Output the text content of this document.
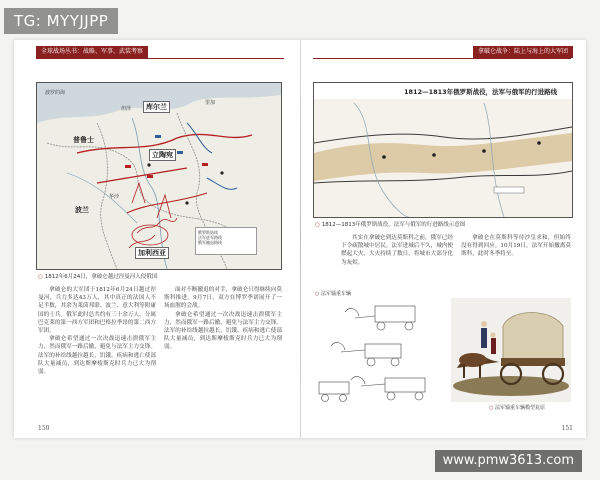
全球战场丛书：战略、军事、武装考察
波罗的海
但泽	库尔兰
普鲁士
立陶宛
波兰
加利西亚
华沙
里加
俄罗斯防线
法军进军路线
俄军撤退路线
○ 1812年6月24日，拿破仑越过涅曼河入侵俄国

拿破仑的大军团于1812年6月24日越过涅曼河，兵力多达43万人，其中真正的法国人不足半数，其余为莱茵邦联、波兰、意大利等附庸国的士兵。俄军此时总共约有三十余万人，分属巴克莱的第一西方军团和巴格拉季昂的第二西方军团。

拿破仑希望通过一次决战迅速击溃俄军主力，然而俄军一路后撤，避免与法军主力交锋。法军的补给线越拉越长，饥饿、疾病和逃亡使部队大量减员，到达斯摩棱斯克时兵力已大为削弱。

面对不断撤退的对手，拿破仑只得继续向莫斯科推进。9月7日，双方在博罗季诺展开了一场血腥的会战。

拿破仑希望通过一次决战迅速击溃俄军主力，然而俄军一路后撤，避免与法军主力交锋。法军的补给线越拉越长，饥饿、疾病和逃亡使部队大量减员，到达斯摩棱斯克时兵力已大为削弱。

150
拿破仑战争：陆上与海上的大军团
1812—1813年俄罗斯战役，法军与俄军的行进路线
○ 1812—1813年俄罗斯战役，法军与俄军的行进路线示意图

其实在拿破仑到达莫斯科之前，俄军已经下令疏散城中居民。法军进城后不久，城内便燃起大火，大火持续了数日，将城市大部分化为灰烬。

拿破仑在莫斯科等待沙皇求和，但始终没有得到回应。10月19日，法军开始撤离莫斯科，此时冬季将至。

○ 法军辎重车辆
○ 法军辎重车辆模型复原
151
TG: MYYJJPP
www.pmw3613.com
